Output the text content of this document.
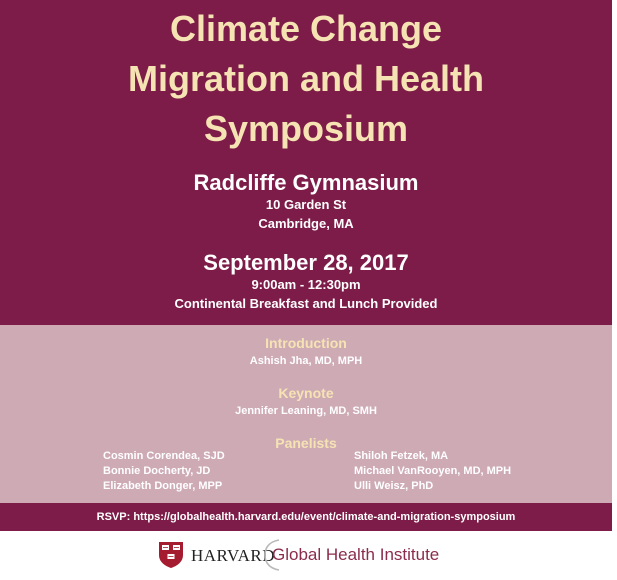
Climate Change
Migration and Health
Symposium
Radcliffe Gymnasium
10 Garden St
Cambridge, MA
September 28, 2017
9:00am - 12:30pm
Continental Breakfast and Lunch Provided
Introduction
Ashish Jha, MD, MPH
Keynote
Jennifer Leaning, MD, SMH
Panelists
Cosmin Corendea, SJD
Bonnie Docherty, JD
Elizabeth Donger, MPP
Shiloh Fetzek, MA
Michael VanRooyen, MD, MPH
Ulli Weisz, PhD
RSVP: https://globalhealth.harvard.edu/event/climate-and-migration-symposium
HARVARD
Global Health Institute
